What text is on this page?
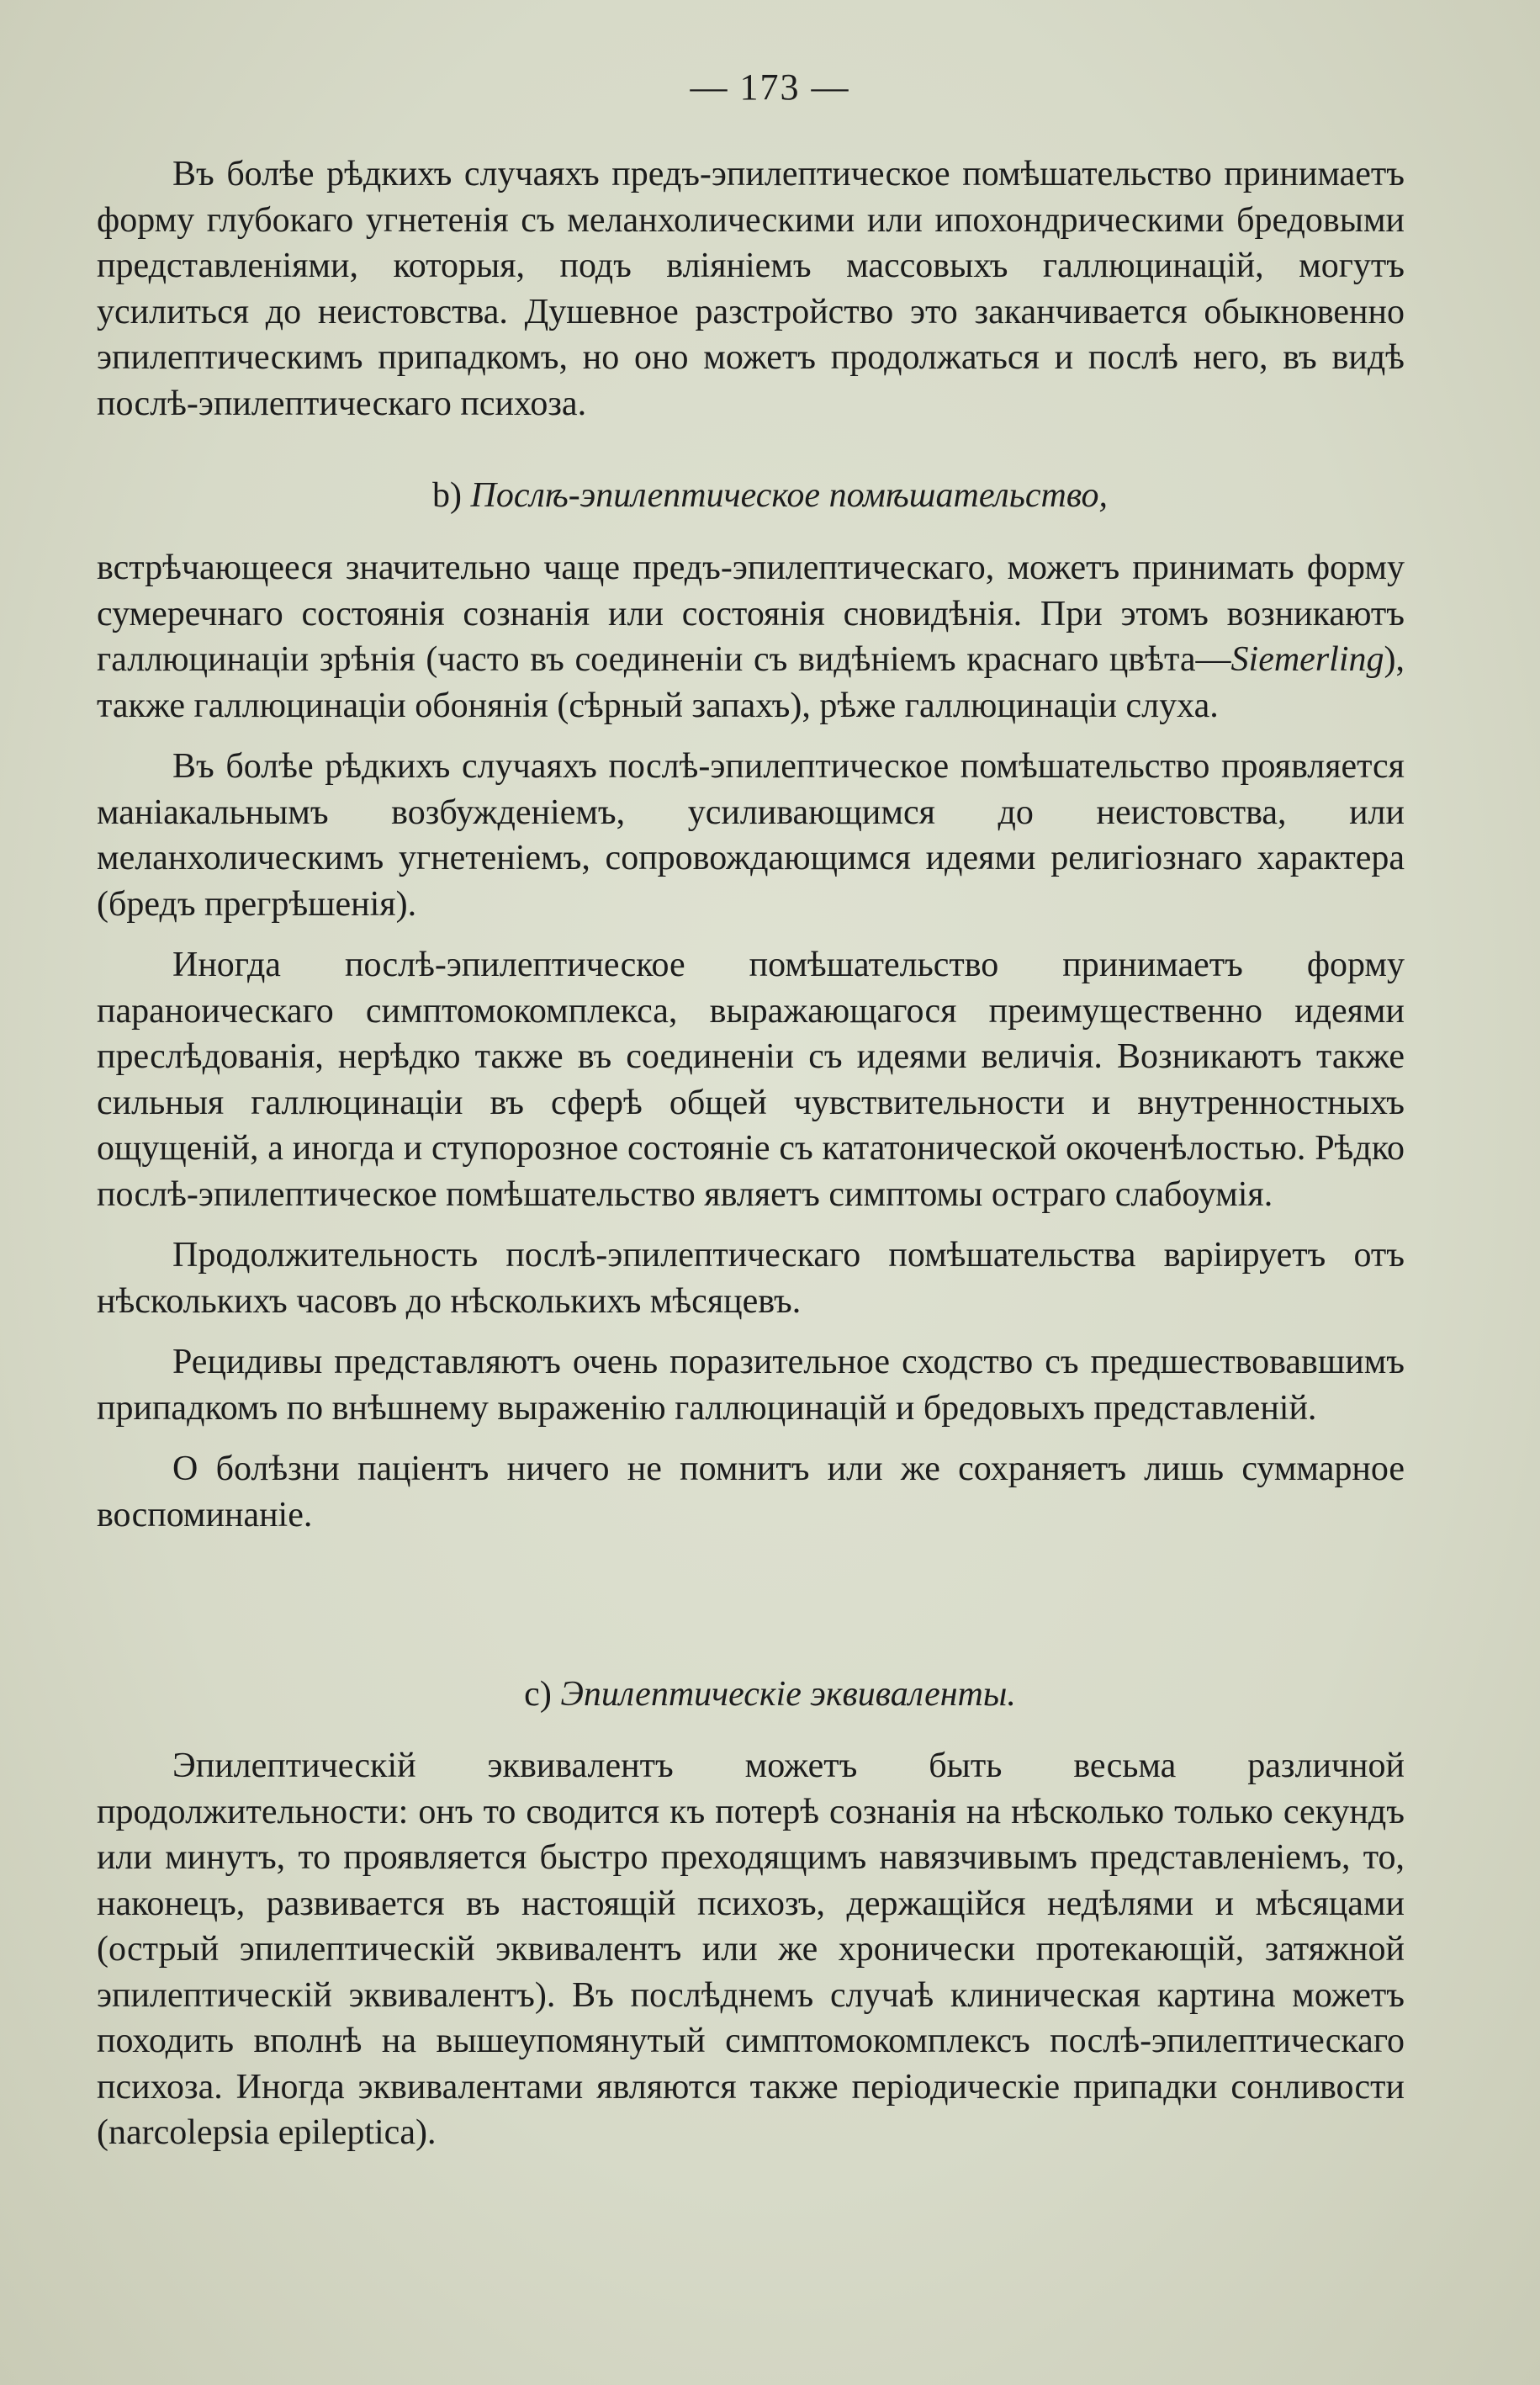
— 173 —

Въ болѣе рѣдкихъ случаяхъ предъ-эпилептическое помѣшательство принимаетъ форму глубокаго угнетенія съ меланхолическими или ипохондрическими бредовыми представленіями, которыя, подъ вліяніемъ массовыхъ галлюцинацій, могутъ усилиться до неистовства. Душевное разстройство это заканчивается обыкновенно эпилептическимъ припадкомъ, но оно можетъ продолжаться и послѣ него, въ видѣ послѣ-эпилептическаго психоза.

b) Послѣ-эпилептическое помѣшательство,

встрѣчающееся значительно чаще предъ-эпилептическаго, можетъ принимать форму сумеречнаго состоянія сознанія или состоянія сновидѣнія. При этомъ возникаютъ галлюцинаціи зрѣнія (часто въ соединеніи съ видѣніемъ краснаго цвѣта—Siemerling), также галлюцинаціи обонянія (сѣрный запахъ), рѣже галлюцинаціи слуха.

Въ болѣе рѣдкихъ случаяхъ послѣ-эпилептическое помѣшательство проявляется маніакальнымъ возбужденіемъ, усиливающимся до неистовства, или меланхолическимъ угнетеніемъ, сопровождающимся идеями религіознаго характера (бредъ прегрѣшенія).

Иногда послѣ-эпилептическое помѣшательство принимаетъ форму параноическаго симптомокомплекса, выражающагося преимущественно идеями преслѣдованія, нерѣдко также въ соединеніи съ идеями величія. Возникаютъ также сильныя галлюцинаціи въ сферѣ общей чувствительности и внутренностныхъ ощущеній, а иногда и ступорозное состояніе съ кататонической окоченѣлостью. Рѣдко послѣ-эпилептическое помѣшательство являетъ симптомы остраго слабоумія.

Продолжительность послѣ-эпилептическаго помѣшательства варіируетъ отъ нѣсколькихъ часовъ до нѣсколькихъ мѣсяцевъ.

Рецидивы представляютъ очень поразительное сходство съ предшествовавшимъ припадкомъ по внѣшнему выраженію галлюцинацій и бредовыхъ представленій.

О болѣзни паціентъ ничего не помнитъ или же сохраняетъ лишь суммарное воспоминаніе.

c) Эпилептическіе эквиваленты.

Эпилептическій эквивалентъ можетъ быть весьма различной продолжительности: онъ то сводится къ потерѣ сознанія на нѣсколько только секундъ или минутъ, то проявляется быстро преходящимъ навязчивымъ представленіемъ, то, наконецъ, развивается въ настоящій психозъ, держащійся недѣлями и мѣсяцами (острый эпилептическій эквивалентъ или же хронически протекающій, затяжной эпилептическій эквивалентъ). Въ послѣднемъ случаѣ клиническая картина можетъ походить вполнѣ на вышеупомянутый симптомокомплексъ послѣ-эпилептическаго психоза. Иногда эквивалентами являются также періодическіе припадки сонливости (narcolepsia epileptica).
